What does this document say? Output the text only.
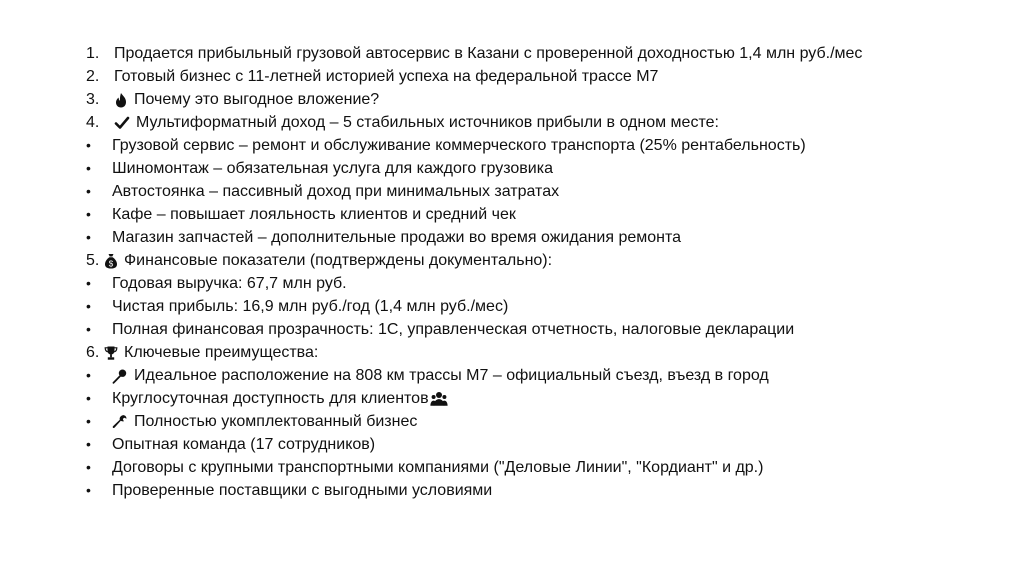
1. Продается прибыльный грузовой автосервис в Казани с проверенной доходностью 1,4 млн руб./мес
2. Готовый бизнес с 11-летней историей успеха на федеральной трассе М7
3.	Почему это выгодное вложение?
4.	Мультиформатный доход – 5 стабильных источников прибыли в одном месте:
•	Грузовой сервис – ремонт и обслуживание коммерческого транспорта (25% рентабельность)
•	Шиномонтаж – обязательная услуга для каждого грузовика
•	Автостоянка – пассивный доход при минимальных затратах
•	Кафе – повышает лояльность клиентов и средний чек
•	Магазин запчастей – дополнительные продажи во время ожидания ремонта
5.	$ Финансовые показатели (подтверждены документально):
•	Годовая выручка: 67,7 млн руб.
•	Чистая прибыль: 16,9 млн руб./год (1,4 млн руб./мес)
•	Полная финансовая прозрачность: 1С, управленческая отчетность, налоговые декларации
6. Ключевые преимущества:
•	Идеальное расположение на 808 км трассы М7 – официальный съезд, въезд в город
•	Круглосуточная доступность для клиентов
•	Полностью укомплектованный бизнес
•	Опытная команда (17 сотрудников)
•	Договоры с крупными транспортными компаниями ("Деловые Линии", "Кордиант" и др.)
•	Проверенные поставщики с выгодными условиями
